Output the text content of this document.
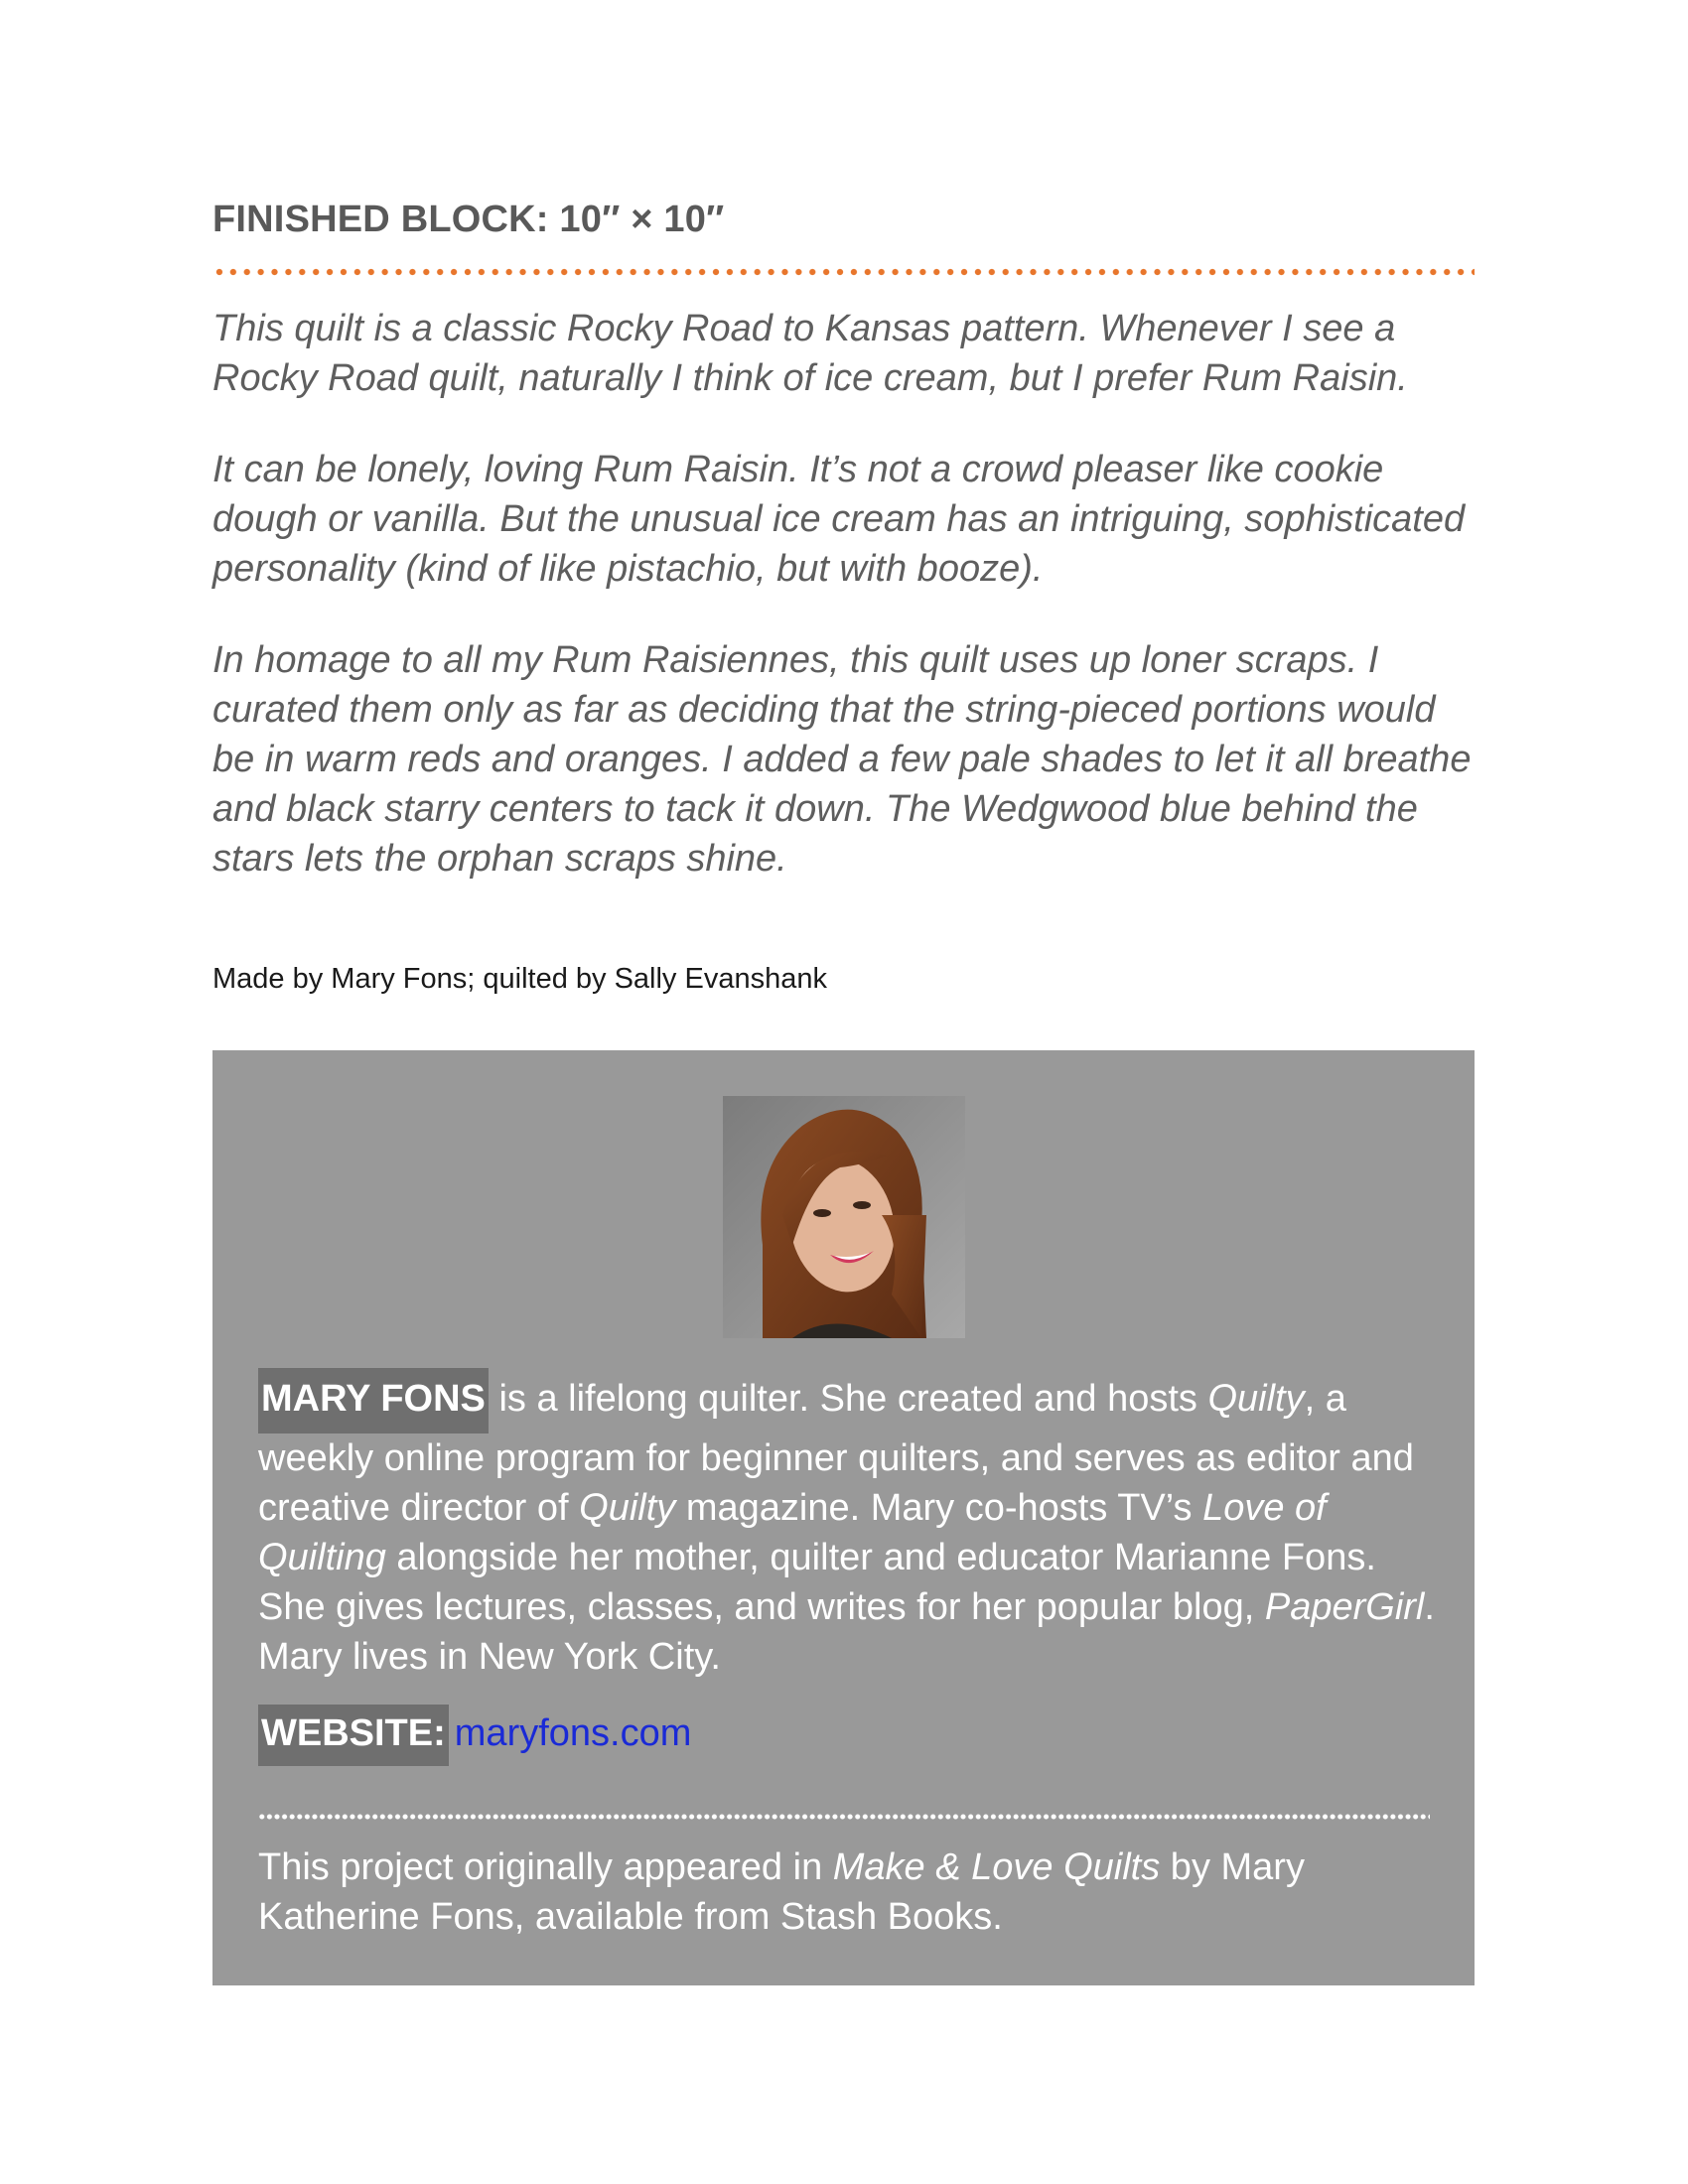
FINISHED BLOCK: 10″ × 10″

This quilt is a classic Rocky Road to Kansas pattern. Whenever I see a Rocky Road quilt, naturally I think of ice cream, but I prefer Rum Raisin.

It can be lonely, loving Rum Raisin. It’s not a crowd pleaser like cookie dough or vanilla. But the unusual ice cream has an intriguing, sophisticated personality (kind of like pistachio, but with booze).

In homage to all my Rum Raisiennes, this quilt uses up loner scraps. I curated them only as far as deciding that the string-pieced portions would be in warm reds and oranges. I added a few pale shades to let it all breathe and black starry centers to tack it down. The Wedgwood blue behind the stars lets the orphan scraps shine.

Made by Mary Fons; quilted by Sally Evanshank

MARY FONS is a lifelong quilter. She created and hosts Quilty, a weekly online program for beginner quilters, and serves as editor and creative director of Quilty magazine. Mary co-hosts TV’s Love of Quilting alongside her mother, quilter and educator Marianne Fons. She gives lectures, classes, and writes for her popular blog, PaperGirl. Mary lives in New York City.

WEBSITE: maryfons.com

This project originally appeared in Make & Love Quilts by Mary Katherine Fons, available from Stash Books.
